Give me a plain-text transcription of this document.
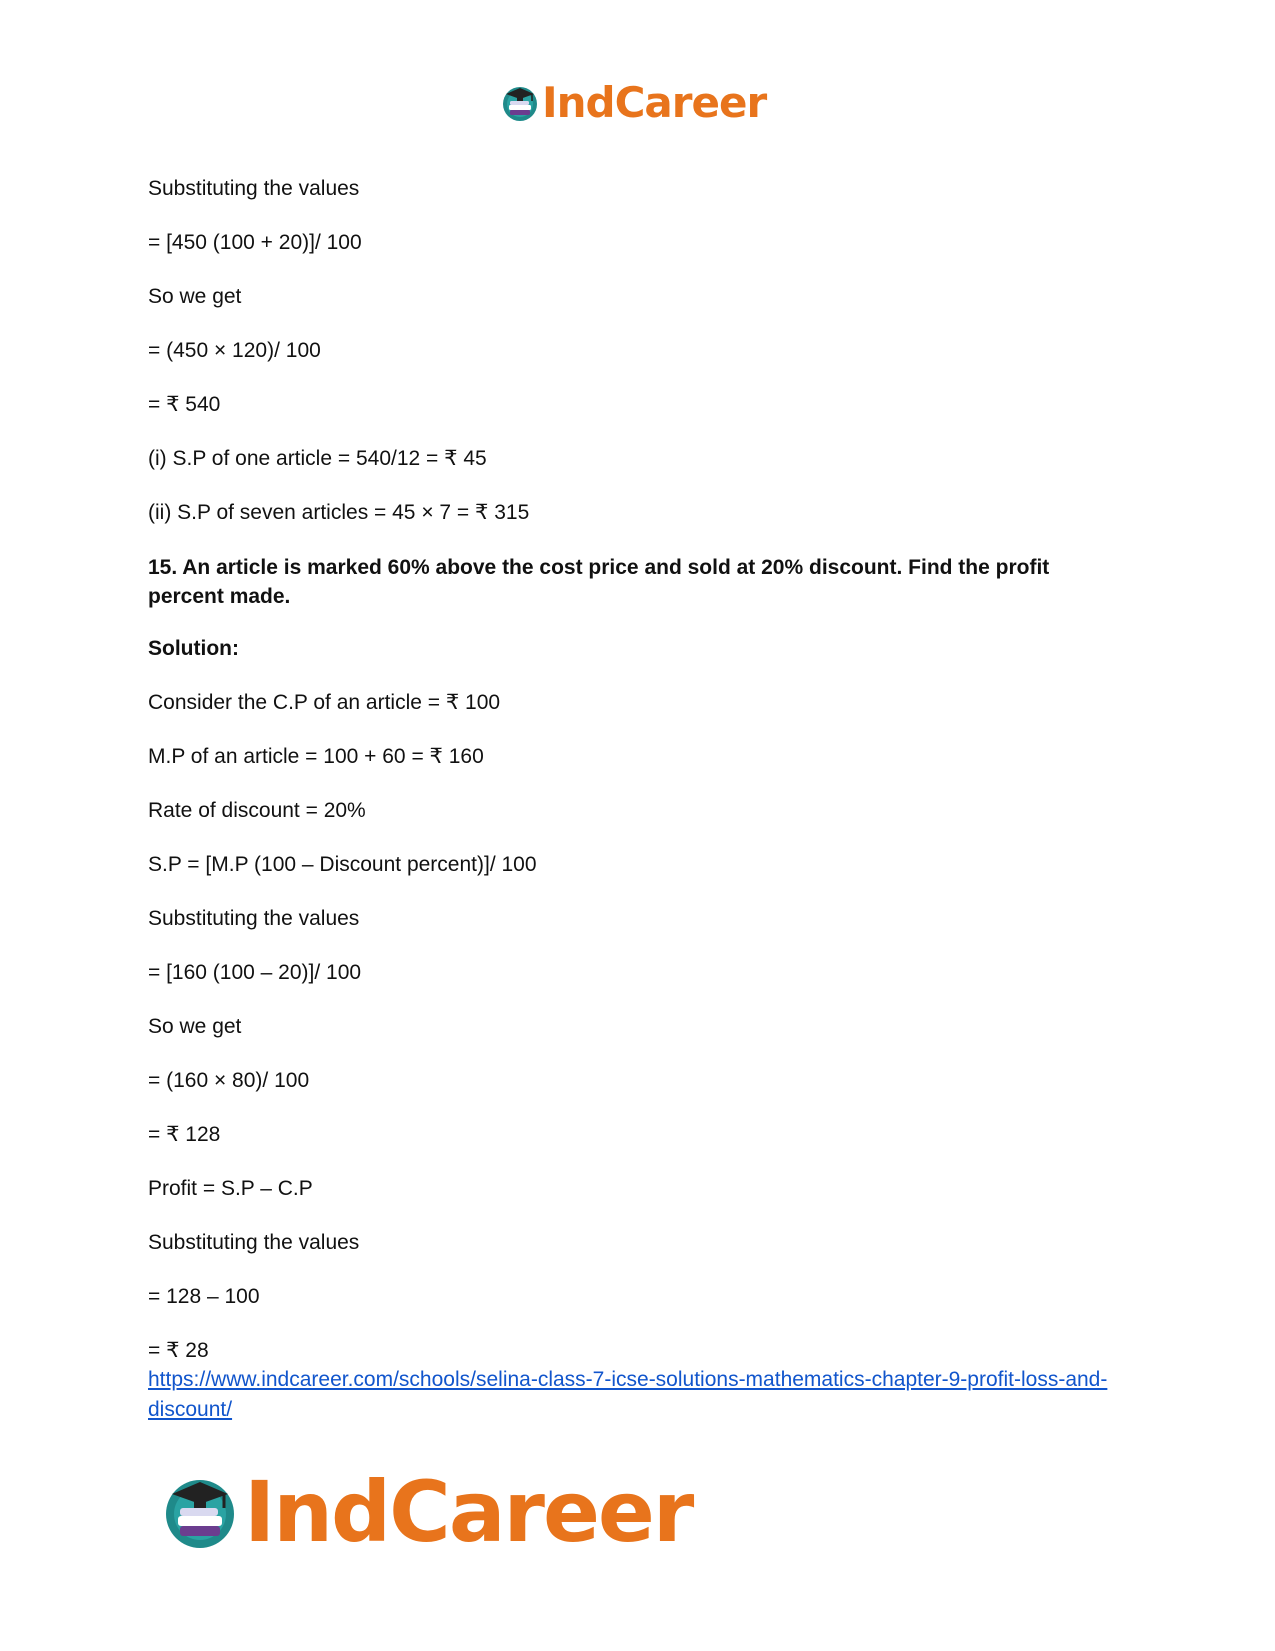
IndCareer

Substituting the values

= [450 (100 + 20)]/ 100

So we get

= (450 × 120)/ 100

= ₹ 540

(i) S.P of one article = 540/12 = ₹ 45

(ii) S.P of seven articles = 45 × 7 = ₹ 315

15. An article is marked 60% above the cost price and sold at 20% discount. Find the profit percent made.

Solution:

Consider the C.P of an article = ₹ 100

M.P of an article = 100 + 60 = ₹ 160

Rate of discount = 20%

S.P = [M.P (100 – Discount percent)]/ 100

Substituting the values

= [160 (100 – 20)]/ 100

So we get

= (160 × 80)/ 100

= ₹ 128

Profit = S.P – C.P

Substituting the values

= 128 – 100

= ₹ 28

https://www.indcareer.com/schools/selina-class-7-icse-solutions-mathematics-chapter-9-profit-loss-and-discount/
IndCareer
